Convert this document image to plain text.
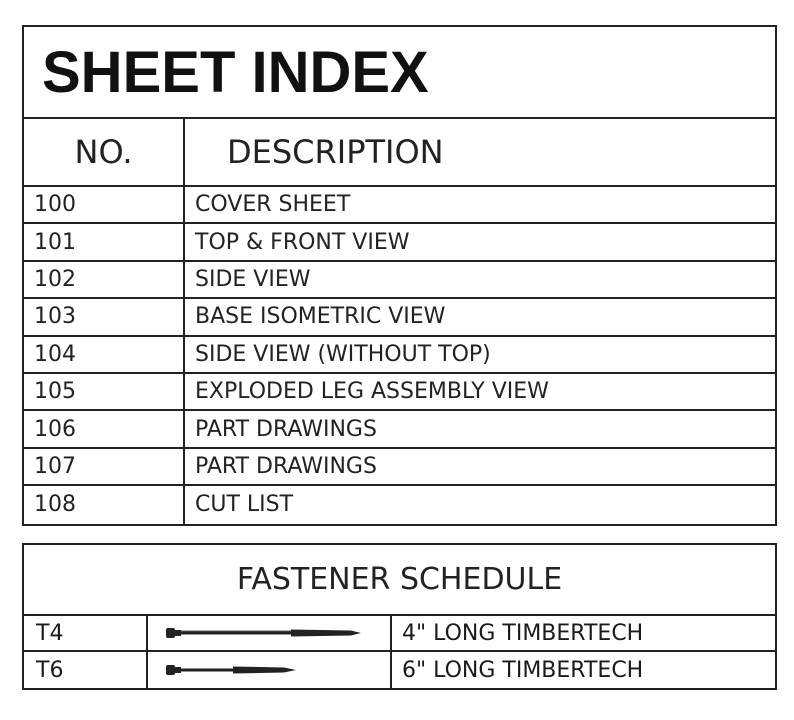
SHEET INDEX
NO.	DESCRIPTION
100	COVER SHEET
101	TOP & FRONT VIEW
102	SIDE VIEW
103	BASE ISOMETRIC VIEW
104	SIDE VIEW (WITHOUT TOP)
105	EXPLODED LEG ASSEMBLY VIEW
106	PART DRAWINGS
107	PART DRAWINGS
108	CUT LIST
FASTENER SCHEDULE
T4	4" LONG TIMBERTECH
T6	6" LONG TIMBERTECH
